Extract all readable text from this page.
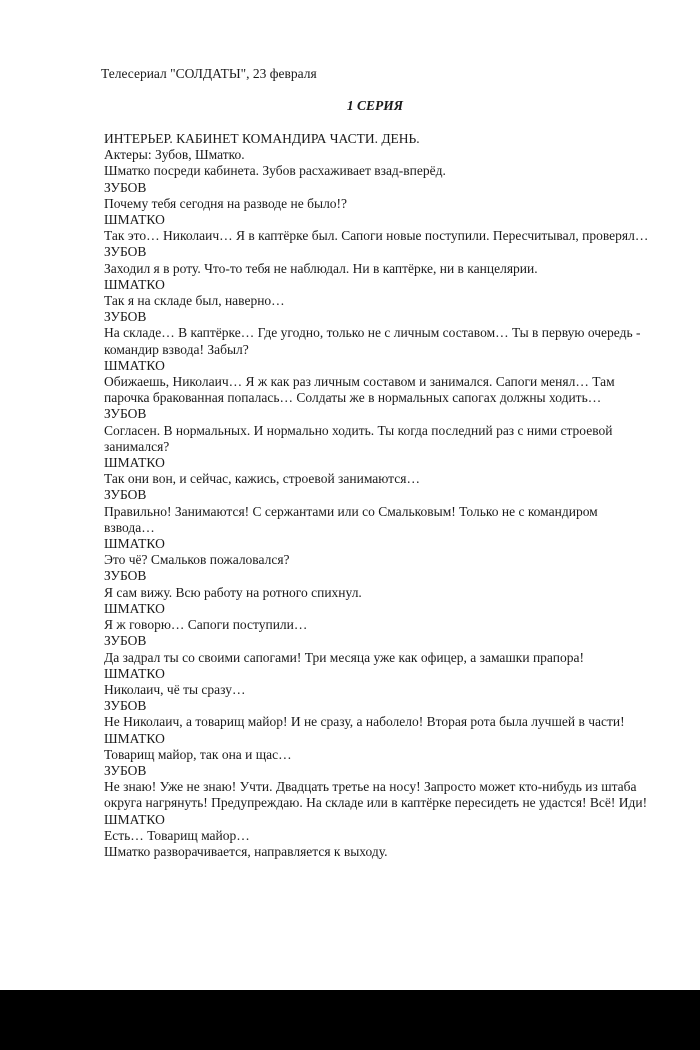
Телесериал "СОЛДАТЫ", 23 февраля
1 СЕРИЯ

ИНТЕРЬЕР. КАБИНЕТ КОМАНДИРА ЧАСТИ. ДЕНЬ.

Актеры: Зубов, Шматко.

Шматко посреди кабинета. Зубов расхаживает взад-вперёд.

ЗУБОВ

Почему тебя сегодня на разводе не было!?

ШМАТКО

Так это… Николаич… Я в каптёрке был. Сапоги новые поступили. Пересчитывал, проверял…

ЗУБОВ

Заходил я в роту. Что-то тебя не наблюдал. Ни в каптёрке, ни в канцелярии.

ШМАТКО

Так я на складе был, наверно…

ЗУБОВ

На складе… В каптёрке… Где угодно, только не с личным составом… Ты в первую очередь - командир взвода! Забыл?

ШМАТКО

Обижаешь, Николаич… Я ж как раз личным составом и занимался. Сапоги менял… Там парочка бракованная попалась… Солдаты же в нормальных сапогах должны ходить…

ЗУБОВ

Согласен. В нормальных. И нормально ходить. Ты когда последний раз с ними строевой занимался?

ШМАТКО

Так они вон, и сейчас, кажись, строевой занимаются…

ЗУБОВ

Правильно! Занимаются! С сержантами или со Смальковым! Только не с командиром взвода…

ШМАТКО

Это чё? Смальков пожаловался?

ЗУБОВ

Я сам вижу. Всю работу на ротного спихнул.

ШМАТКО

Я ж говорю… Сапоги поступили…

ЗУБОВ

Да задрал ты со своими сапогами! Три месяца уже как офицер, а замашки прапора!

ШМАТКО

Николаич, чё ты сразу…

ЗУБОВ

Не Николаич, а товарищ майор! И не сразу, а наболело! Вторая рота была лучшей в части!

ШМАТКО

Товарищ майор, так она и щас…

ЗУБОВ

Не знаю! Уже не знаю! Учти. Двадцать третье на носу! Запросто может кто-нибудь из штаба округа нагрянуть! Предупреждаю. На складе или в каптёрке пересидеть не удастся! Всё! Иди!

ШМАТКО

Есть… Товарищ майор…

Шматко разворачивается, направляется к выходу.
